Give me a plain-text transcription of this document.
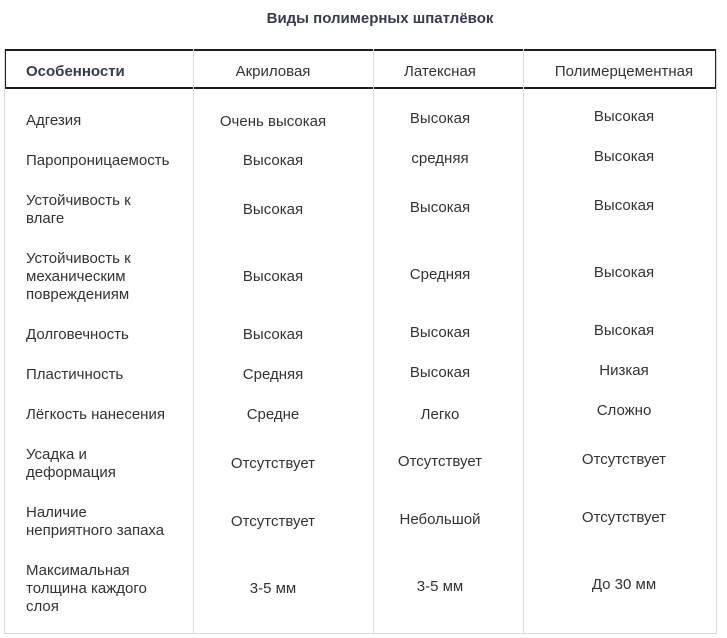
Виды полимерных шпатлёвок
Особенности	Акриловая	Латексная	Полимерцементная
Адгезия	Очень высокая	Высокая	Высокая
Паропроницаемость	Высокая	средняя	Высокая
Устойчивость к
влаге
Высокая	Высокая	Высокая
Устойчивость к
механическим
повреждениям
Высокая	Средняя	Высокая
Долговечность	Высокая	Высокая	Высокая
Пластичность	Средняя	Высокая	Низкая
Лёгкость нанесения	Средне	Легко	Сложно
Усадка и
деформация
Отсутствует	Отсутствует	Отсутствует
Наличие
неприятного запаха
Отсутствует	Небольшой	Отсутствует
Максимальная
толщина каждого
слоя
3-5 мм	3-5 мм	До 30 мм
